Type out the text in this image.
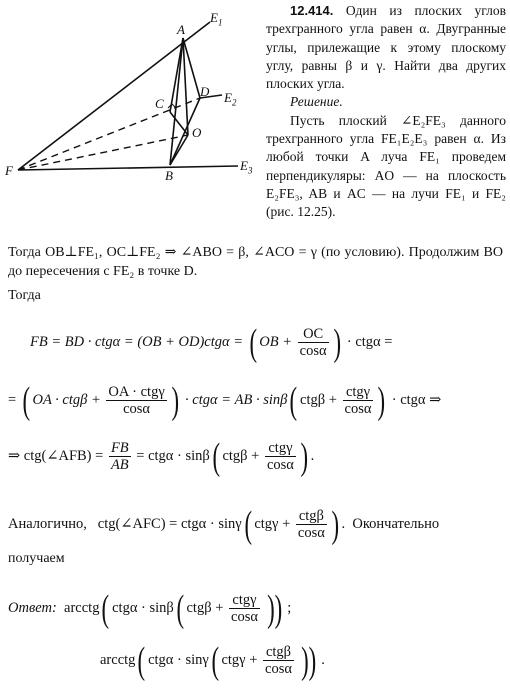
A
$E_1$
C
D $E_2$
O
F	B
$E_3$

12.414. Один из плоских углов трехгранного угла равен α. Двугранные углы, прилежащие к этому плоскому углу, равны β и γ. Найти два других плоских угла.

Решение.

Пусть плоский ∠E₂FE₃ данного трехгранного угла FE₁E₂E₃ равен α. Из любой точки A луча FE₁ проведем перпендикуляры: AO — на плоскость E₂FE₃, AB и AC — на лучи FE₁ и FE₂ (рис. 12.25).

Тогда OB⊥FE₁, OC⊥FE₂ ⇒ ∠ABO = β, ∠ACO = γ (по условию). Продолжим BO до пересечения с FE₂ в точке D.
Тогда
FB = BD · ctgα = (OB + OD)ctgα = ( OB + $\frac{OC}{\cos\alpha}$ ) · ctgα =
= ( OA · $ctg\beta + \frac{\text{OA · ctgγ}}{\cos\alpha}$ ) · ctgα = AB · sinβ( $ctg\beta + \frac{\text{ctgγ}}{\cos\alpha}$ ) · ctgα ⇒
⇒ ctg(∠AFB) = $\frac{FB}{AB} = ctg\alpha \cdot \sin\beta$( $ctg\beta + \frac{\text{ctgγ}}{\cos\alpha}$ ) .
Аналогично, ctg(∠AFC) = ctgα · sinγ( $ctg\gamma + \frac{\text{ctgβ}}{\cos\alpha}$ ) .  Окончательно
получаем
Ответ: arcctg( ctgα · sinβ( $ctg\beta + \frac{\text{ctgγ}}{\cos\alpha}$ )) ;
arcctg( ctgα · sinγ( $ctg\gamma + \frac{\text{ctgβ}}{\cos\alpha}$ )) .
